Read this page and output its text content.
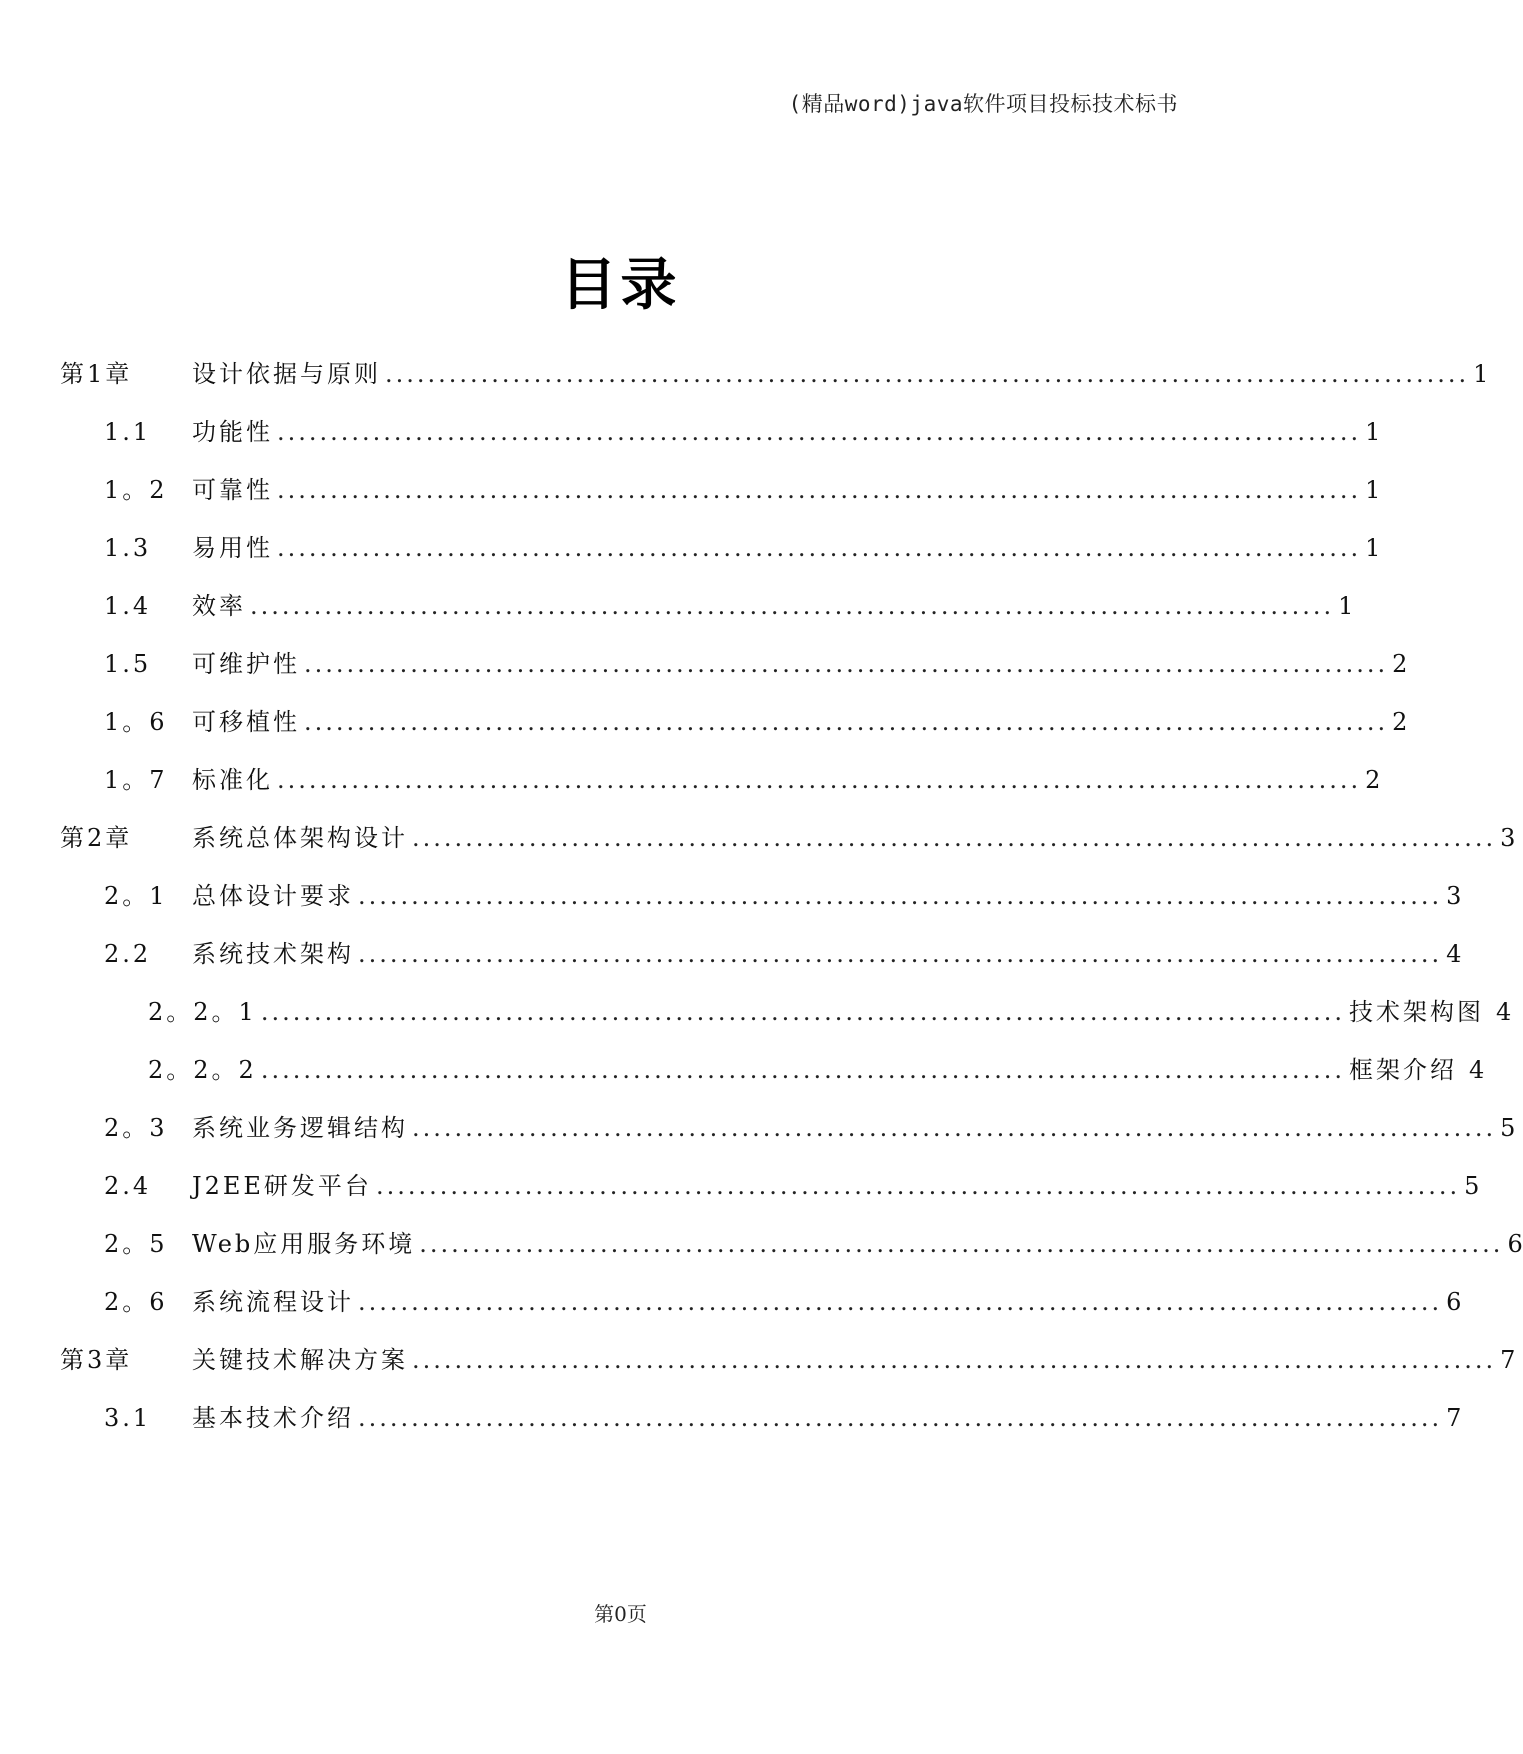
(精品word)java软件项目投标技术标书
目录
第1章	设计依据与原则 ...................................................................................................... 1
1.1	功能性 ...................................................................................................... 1
1。2	可靠性 ...................................................................................................... 1
1.3	易用性 ...................................................................................................... 1
1.4	效率 ...................................................................................................... 1
1.5	可维护性 ...................................................................................................... 2
1。6	可移植性 ...................................................................................................... 2
1。7	标准化 ...................................................................................................... 2
第2章	系统总体架构设计 ...................................................................................................... 3
2。1	总体设计要求 ...................................................................................................... 3
2.2	系统技术架构 ...................................................................................................... 4
2。2。1 ...................................................................................................... 技术架构图 4
2。2。2 ...................................................................................................... 框架介绍 4
2。3	系统业务逻辑结构 ...................................................................................................... 5
2.4	J2EE研发平台 ...................................................................................................... 5
2。5	Web应用服务环境 ...................................................................................................... 6
2。6	系统流程设计 ...................................................................................................... 6
第3章	关键技术解决方案 ...................................................................................................... 7
3.1	基本技术介绍 ...................................................................................................... 7
第0页
